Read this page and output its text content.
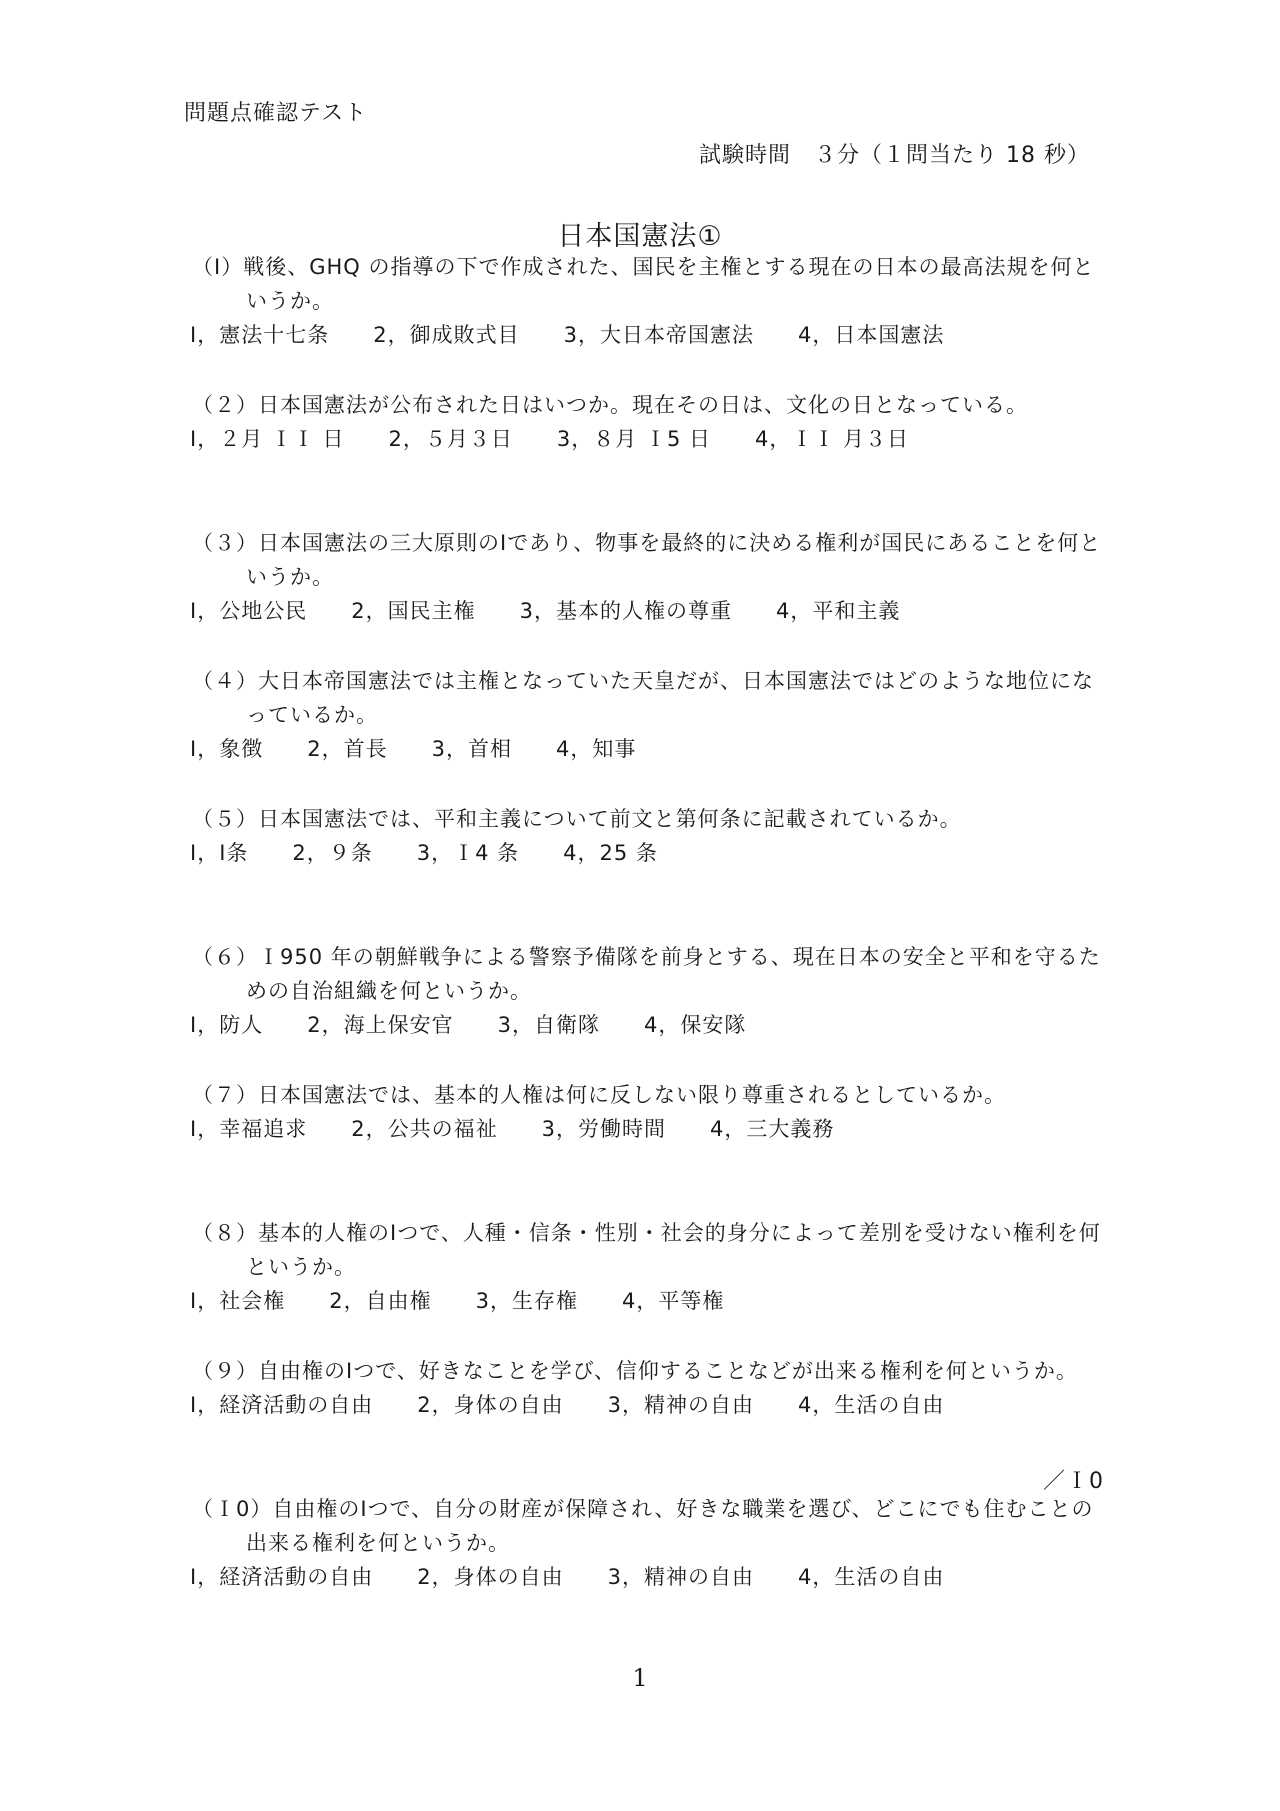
問題点確認テスト
試験時間　３分（１問当たり 18 秒）
日本国憲法①

（Ⅰ）戦後、GHQ の指導の下で作成された、国民を主権とする現在の日本の最高法規を何というか。

Ⅰ，憲法十七条 2，御成敗式目 3，大日本帝国憲法 4，日本国憲法

（２）日本国憲法が公布された日はいつか。現在その日は、文化の日となっている。

Ⅰ，２月 ＩＩ 日 2，５月３日 3，８月 Ｉ5 日 4，ＩＩ 月３日

（３）日本国憲法の三大原則のⅠであり、物事を最終的に決める権利が国民にあることを何というか。

Ⅰ，公地公民 2，国民主権 3，基本的人権の尊重 4，平和主義

（４）大日本帝国憲法では主権となっていた天皇だが、日本国憲法ではどのような地位になっているか。

Ⅰ，象徴 2，首長 3，首相 4，知事

（５）日本国憲法では、平和主義について前文と第何条に記載されているか。

Ⅰ，Ⅰ条 2，９条 3，Ｉ4 条 4，25 条

（６）Ｉ950 年の朝鮮戦争による警察予備隊を前身とする、現在日本の安全と平和を守るための自治組織を何というか。

Ⅰ，防人 2，海上保安官 3，自衛隊 4，保安隊

（７）日本国憲法では、基本的人権は何に反しない限り尊重されるとしているか。

Ⅰ，幸福追求 2，公共の福祉 3，労働時間 4，三大義務

（８）基本的人権のⅠつで、人種・信条・性別・社会的身分によって差別を受けない権利を何というか。

Ⅰ，社会権 2，自由権 3，生存権 4，平等権

（９）自由権のⅠつで、好きなことを学び、信仰することなどが出来る権利を何というか。

Ⅰ，経済活動の自由 2，身体の自由 3，精神の自由 4，生活の自由

（Ｉ0）自由権のⅠつで、自分の財産が保障され、好きな職業を選び、どこにでも住むことの出来る権利を何というか。

Ⅰ，経済活動の自由 2，身体の自由 3，精神の自由 4，生活の自由
／Ｉ0
1
